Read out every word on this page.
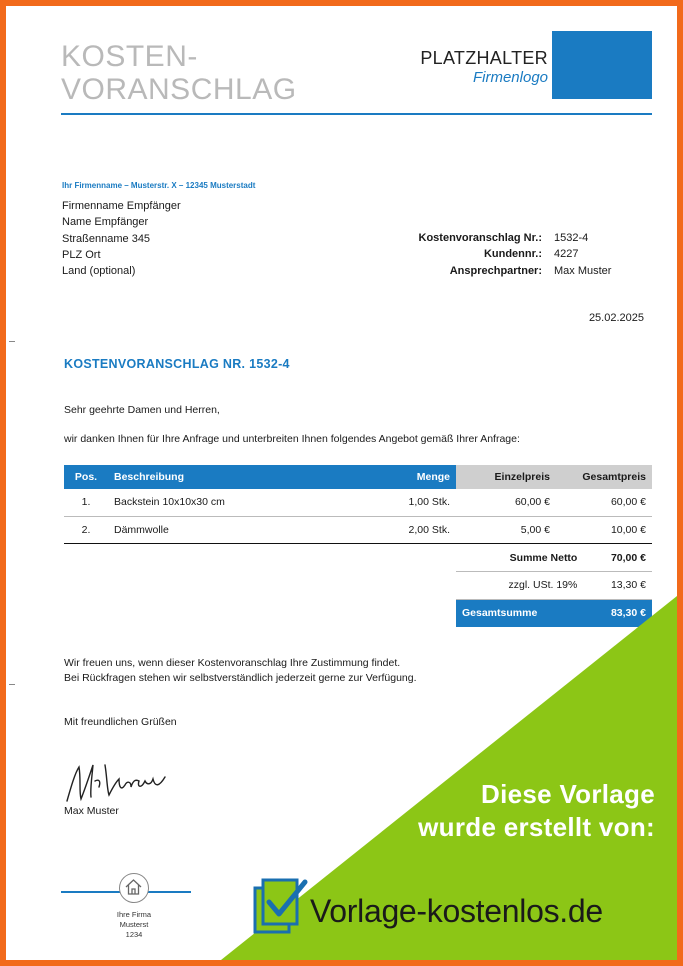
KOSTEN-
VORANSCHLAG
PLATZHALTER
Firmenlogo
Ihr Firmenname – Musterstr. X – 12345 Musterstadt
Firmenname Empfänger
Name Empfänger
Straßenname 345
PLZ Ort
Land (optional)
Kostenvoranschlag Nr.:	1532-4
Kundennr.:	4227
Ansprechpartner:	Max Muster
25.02.2025
KOSTENVORANSCHLAG NR. 1532-4
Sehr geehrte Damen und Herren,
wir danken Ihnen für Ihre Anfrage und unterbreiten Ihnen folgendes Angebot gemäß Ihrer Anfrage:
Pos.	Beschreibung	Menge	Einzelpreis	Gesamtpreis
1.	Backstein 10x10x30 cm	1,00 Stk.	60,00 €	60,00 €
2.	Dämmwolle	2,00 Stk.	5,00 €	10,00 €
Summe Netto	70,00 €
zzgl. USt. 19%	13,30 €
Gesamtsumme	83,30 €
Wir freuen uns, wenn dieser Kostenvoranschlag Ihre Zustimmung findet.
Bei Rückfragen stehen wir selbstverständlich jederzeit gerne zur Verfügung.
Mit freundlichen Grüßen
Max Muster
Ihre Firma
Musterst
1234
Diese Vorlage
wurde erstellt von:
Vorlage-kostenlos.de
